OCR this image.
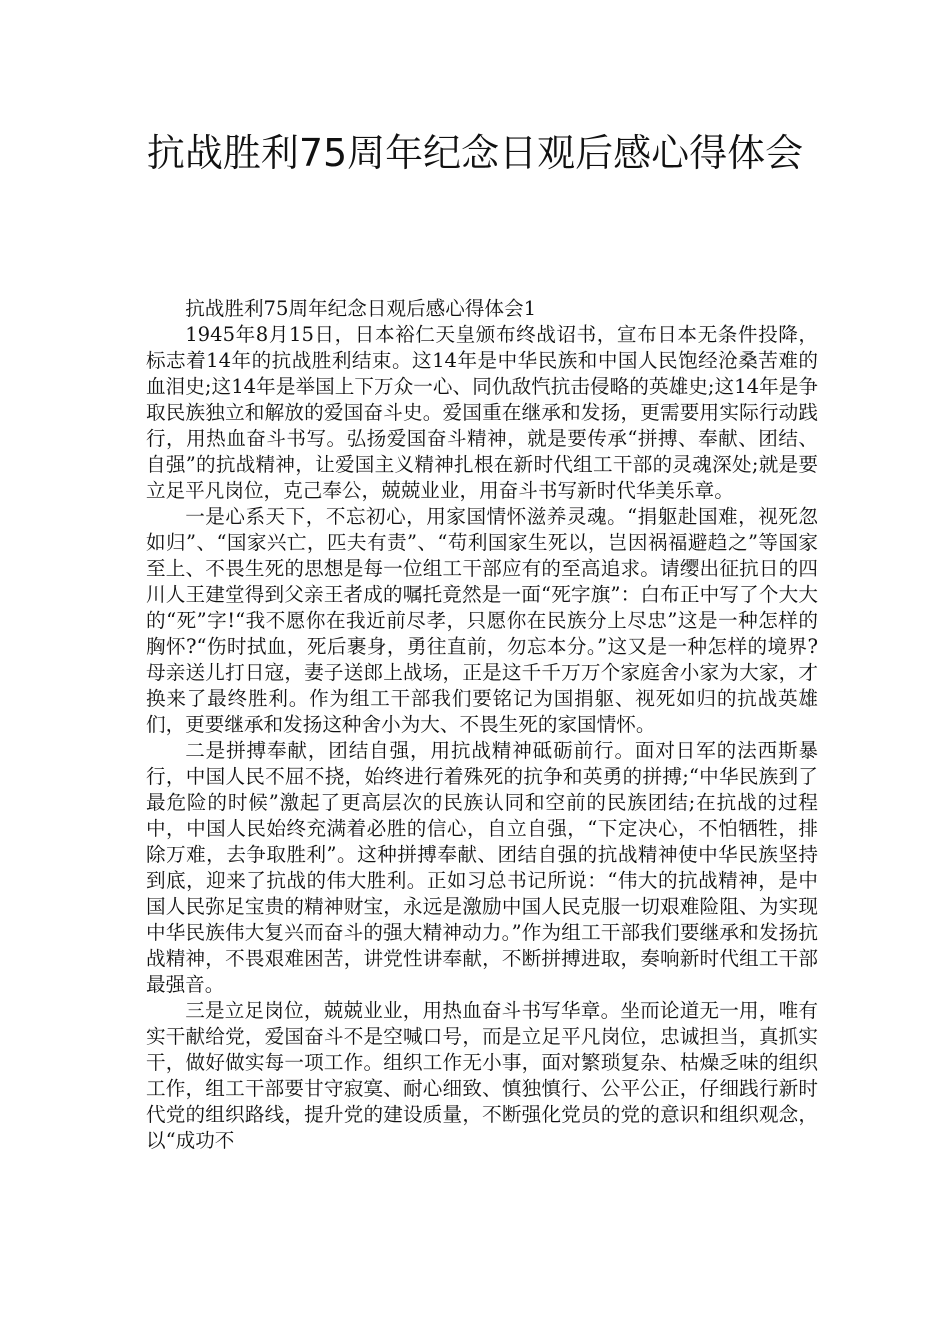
抗战胜利75周年纪念日观后感心得体会

抗战胜利75周年纪念日观后感心得体会1

1945年8月15日，日本裕仁天皇颁布终战诏书，宣布日本无条件投降，标志着14年的抗战胜利结束。这14年是中华民族和中国人民饱经沧桑苦难的血泪史;这14年是举国上下万众一心、同仇敌忾抗击侵略的英雄史;这14年是争取民族独立和解放的爱国奋斗史。爱国重在继承和发扬，更需要用实际行动践行，用热血奋斗书写。弘扬爱国奋斗精神，就是要传承“拼搏、奉献、团结、自强”的抗战精神，让爱国主义精神扎根在新时代组工干部的灵魂深处;就是要立足平凡岗位，克己奉公，兢兢业业，用奋斗书写新时代华美乐章。

一是心系天下，不忘初心，用家国情怀滋养灵魂。“捐躯赴国难，视死忽如归”、“国家兴亡，匹夫有责”、“苟利国家生死以，岂因祸福避趋之”等国家至上、不畏生死的思想是每一位组工干部应有的至高追求。请缨出征抗日的四川人王建堂得到父亲王者成的嘱托竟然是一面“死字旗”：白布正中写了个大大的“死”字!“我不愿你在我近前尽孝，只愿你在民族分上尽忠”这是一种怎样的胸怀?“伤时拭血，死后裹身，勇往直前，勿忘本分。”这又是一种怎样的境界?母亲送儿打日寇，妻子送郎上战场，正是这千千万万个家庭舍小家为大家，才换来了最终胜利。作为组工干部我们要铭记为国捐躯、视死如归的抗战英雄们，更要继承和发扬这种舍小为大、不畏生死的家国情怀。

二是拼搏奉献，团结自强，用抗战精神砥砺前行。面对日军的法西斯暴行，中国人民不屈不挠，始终进行着殊死的抗争和英勇的拼搏;“中华民族到了最危险的时候”激起了更高层次的民族认同和空前的民族团结;在抗战的过程中，中国人民始终充满着必胜的信心，自立自强，“下定决心，不怕牺牲，排除万难，去争取胜利”。这种拼搏奉献、团结自强的抗战精神使中华民族坚持到底，迎来了抗战的伟大胜利。正如习总书记所说：“伟大的抗战精神，是中国人民弥足宝贵的精神财宝，永远是激励中国人民克服一切艰难险阻、为实现中华民族伟大复兴而奋斗的强大精神动力。”作为组工干部我们要继承和发扬抗战精神，不畏艰难困苦，讲党性讲奉献，不断拼搏进取，奏响新时代组工干部最强音。

三是立足岗位，兢兢业业，用热血奋斗书写华章。坐而论道无一用，唯有实干献给党，爱国奋斗不是空喊口号，而是立足平凡岗位，忠诚担当，真抓实干，做好做实每一项工作。组织工作无小事，面对繁琐复杂、枯燥乏味的组织工作，组工干部要甘守寂寞、耐心细致、慎独慎行、公平公正，仔细践行新时代党的组织路线，提升党的建设质量，不断强化党员的党的意识和组织观念，以“成功不
